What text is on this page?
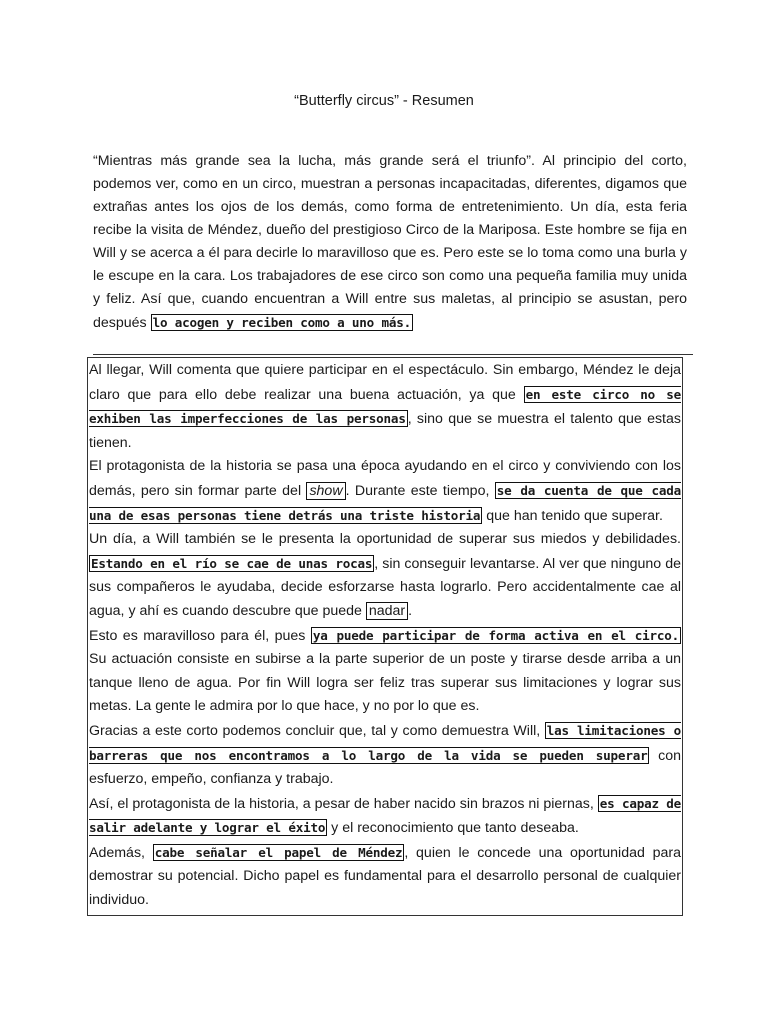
“Butterfly circus” - Resumen

“Mientras más grande sea la lucha, más grande será el triunfo”. Al principio del corto, podemos ver, como en un circo, muestran a personas incapacitadas, diferentes, digamos que extrañas antes los ojos de los demás, como forma de entretenimiento. Un día, esta feria recibe la visita de Méndez, dueño del prestigioso Circo de la Mariposa. Este hombre se fija en Will y se acerca a él para decirle lo maravilloso que es. Pero este se lo toma como una burla y le escupe en la cara. Los trabajadores de ese circo son como una pequeña familia muy unida y feliz. Así que, cuando encuentran a Will entre sus maletas, al principio se asustan, pero después lo acogen y reciben como a uno más.

Al llegar, Will comenta que quiere participar en el espectáculo. Sin embargo, Méndez le deja claro que para ello debe realizar una buena actuación, ya que en este circo no se exhiben las imperfecciones de las personas , sino que se muestra el talento que estas tienen.

El protagonista de la historia se pasa una época ayudando en el circo y conviviendo con los demás, pero sin formar parte del show . Durante este tiempo, se da cuenta de que cada una de esas personas tiene detrás una triste historia que han tenido que superar.

Un día, a Will también se le presenta la oportunidad de superar sus miedos y debilidades. Estando en el río se cae de unas rocas , sin conseguir levantarse. Al ver que ninguno de sus compañeros le ayudaba, decide esforzarse hasta lograrlo. Pero accidentalmente cae al agua, y ahí es cuando descubre que puede nadar .

Esto es maravilloso para él, pues ya puede participar de forma activa en el circo. Su actuación consiste en subirse a la parte superior de un poste y tirarse desde arriba a un tanque lleno de agua. Por fin Will logra ser feliz tras superar sus limitaciones y lograr sus metas. La gente le admira por lo que hace, y no por lo que es.

Gracias a este corto podemos concluir que, tal y como demuestra Will, las limitaciones o barreras que nos encontramos a lo largo de la vida se pueden superar con esfuerzo, empeño, confianza y trabajo.

Así, el protagonista de la historia, a pesar de haber nacido sin brazos ni piernas, es capaz de salir adelante y lograr el éxito y el reconocimiento que tanto deseaba.

Además, cabe señalar el papel de Méndez , quien le concede una oportunidad para demostrar su potencial. Dicho papel es fundamental para el desarrollo personal de cualquier individuo.
